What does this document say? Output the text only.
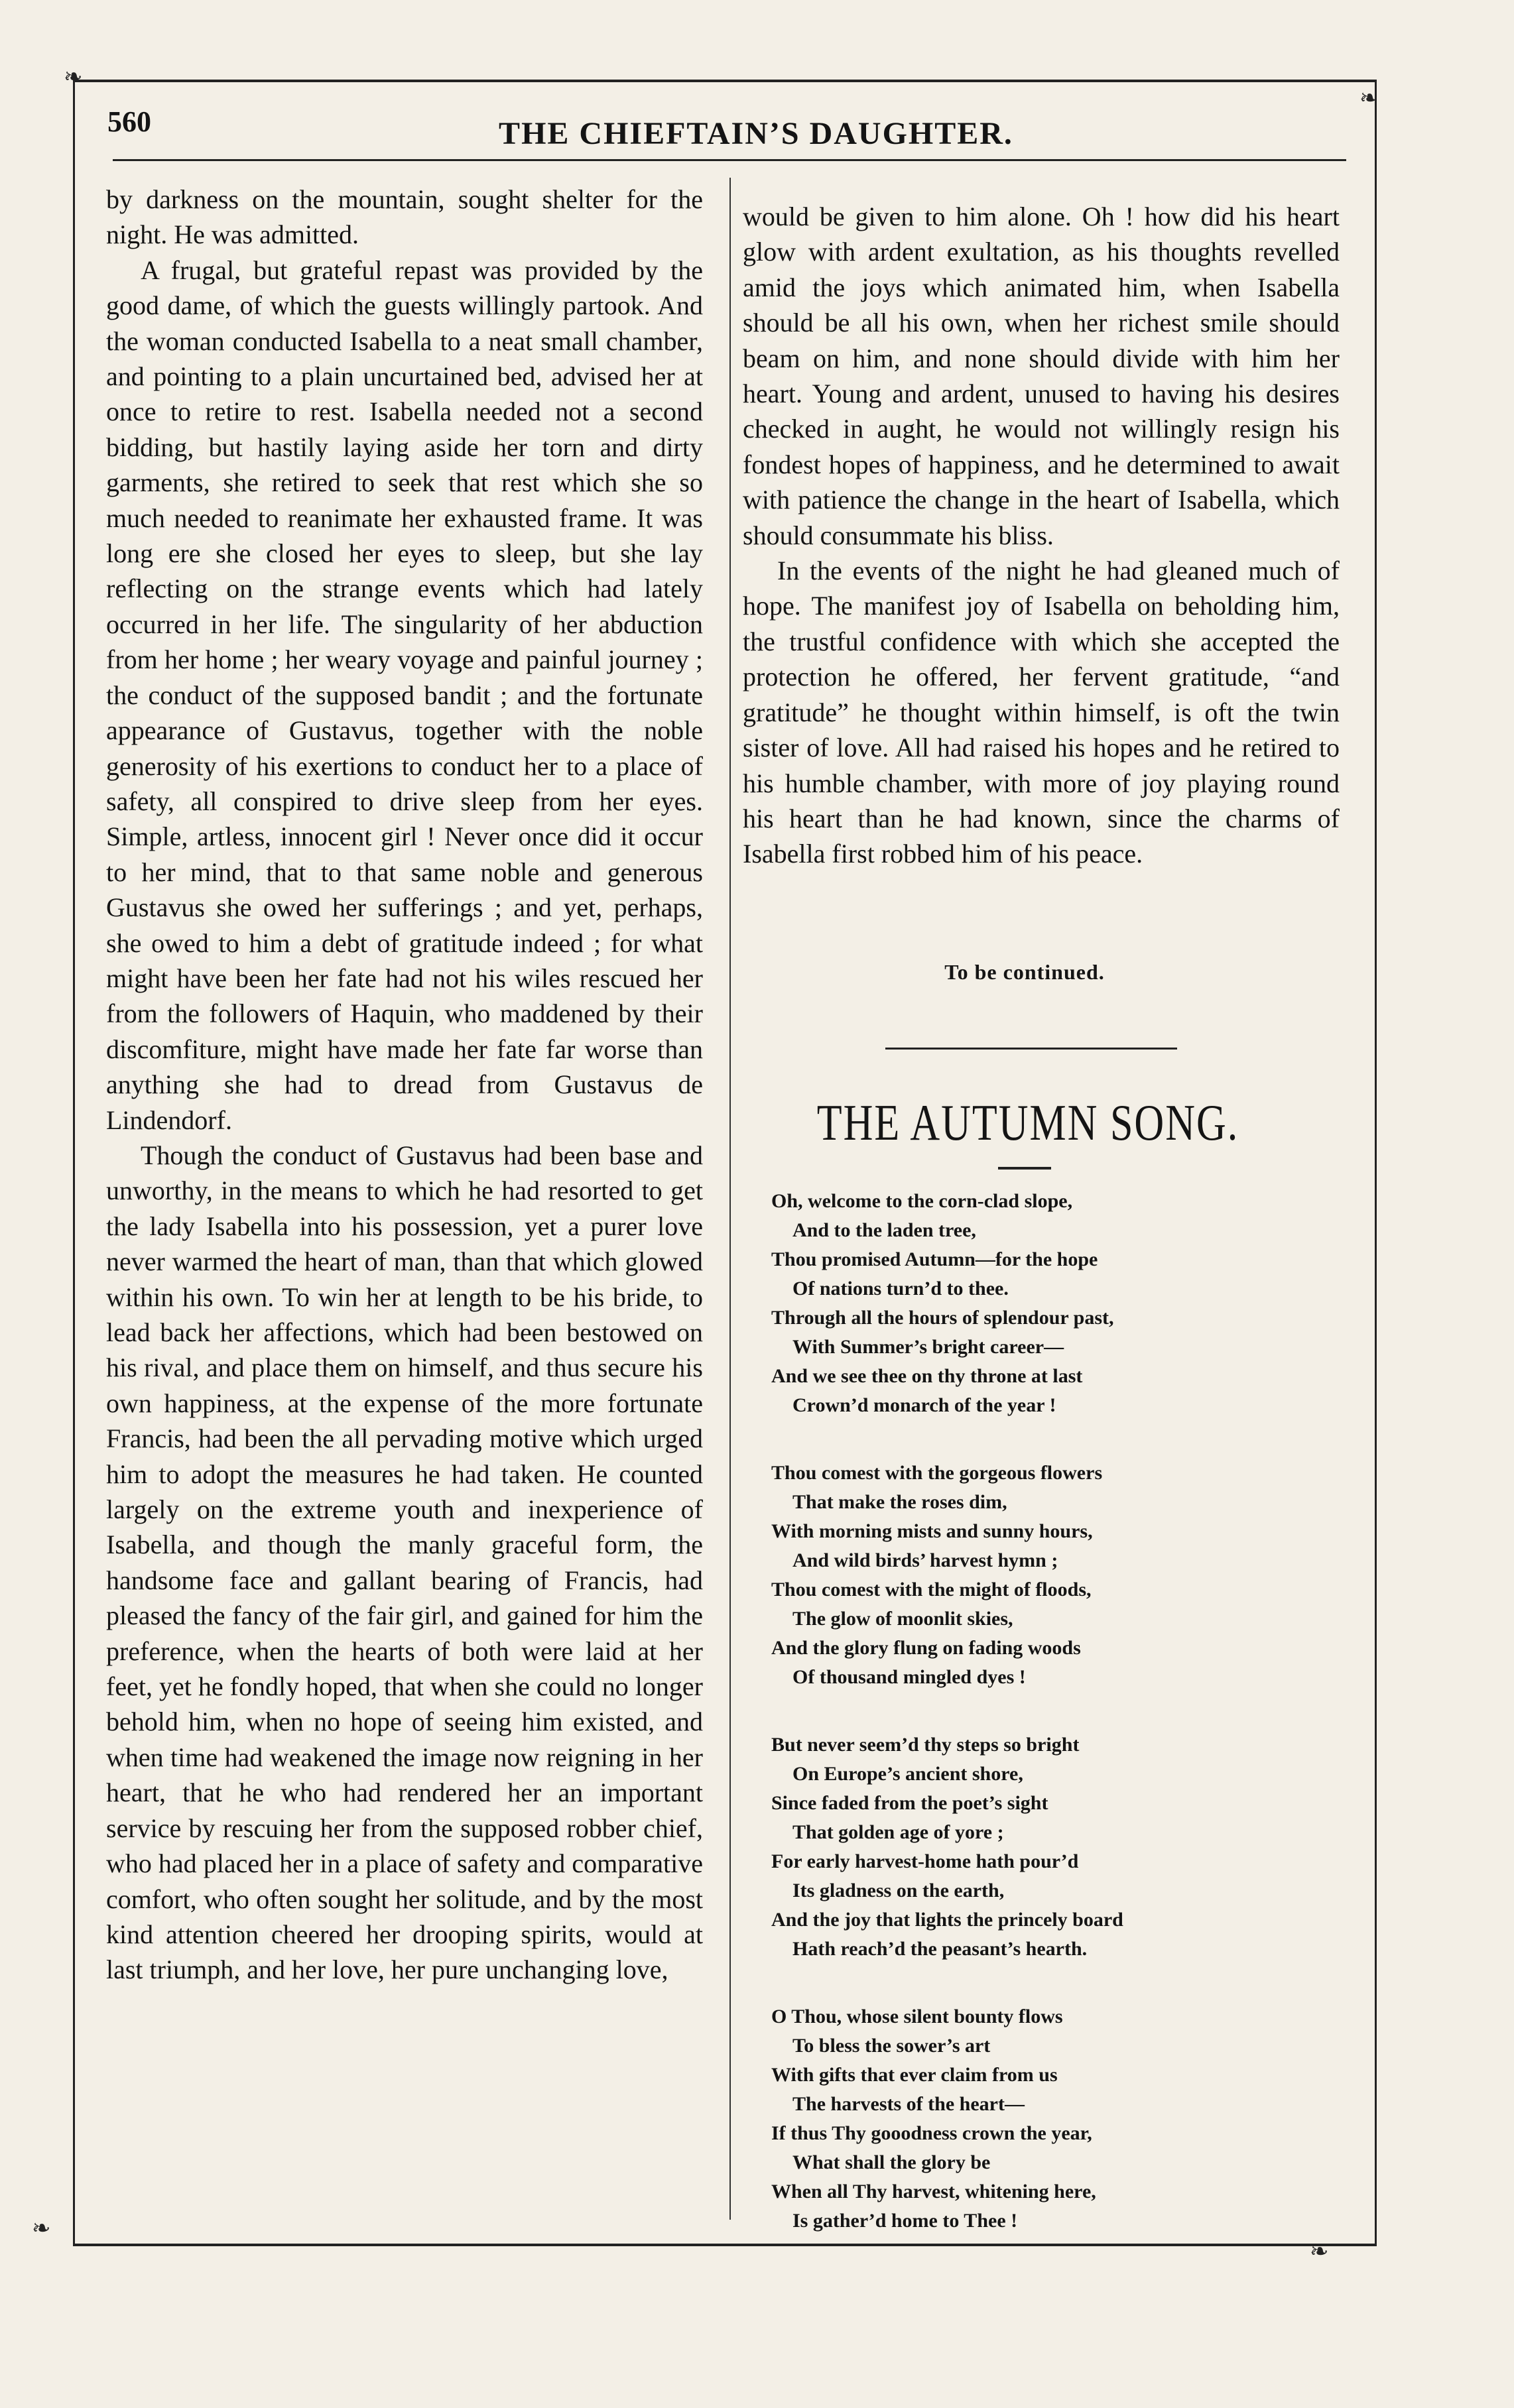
❧
❧
❧
❧
560	THE CHIEFTAIN’S DAUGHTER.

by darkness on the mountain, sought shelter for the night. He was admitted.

A frugal, but grateful repast was provided by the good dame, of which the guests willingly partook. And the woman conducted Isabella to a neat small chamber, and pointing to a plain uncurtained bed, advised her at once to retire to rest. Isabella needed not a second bidding, but hastily laying aside her torn and dirty garments, she retired to seek that rest which she so much needed to reanimate her exhausted frame. It was long ere she closed her eyes to sleep, but she lay reflecting on the strange events which had lately occurred in her life. The singularity of her abduction from her home ; her weary voyage and painful journey ; the conduct of the supposed bandit ; and the fortunate appearance of Gustavus, together with the noble generosity of his exertions to conduct her to a place of safety, all conspired to drive sleep from her eyes. Simple, artless, innocent girl ! Never once did it occur to her mind, that to that same noble and generous Gustavus she owed her sufferings ; and yet, perhaps, she owed to him a debt of gratitude indeed ; for what might have been her fate had not his wiles rescued her from the followers of Haquin, who maddened by their discomfiture, might have made her fate far worse than anything she had to dread from Gustavus de Lindendorf.

Though the conduct of Gustavus had been base and unworthy, in the means to which he had resorted to get the lady Isabella into his possession, yet a purer love never warmed the heart of man, than that which glowed within his own. To win her at length to be his bride, to lead back her affections, which had been bestowed on his rival, and place them on himself, and thus secure his own happiness, at the expense of the more fortunate Francis, had been the all pervading motive which urged him to adopt the measures he had taken. He counted largely on the extreme youth and inexperience of Isabella, and though the manly graceful form, the handsome face and gallant bearing of Francis, had pleased the fancy of the fair girl, and gained for him the preference, when the hearts of both were laid at her feet, yet he fondly hoped, that when she could no longer behold him, when no hope of seeing him existed, and when time had weakened the image now reigning in her heart, that he who had rendered her an important service by rescuing her from the supposed robber chief, who had placed her in a place of safety and comparative comfort, who often sought her solitude, and by the most kind attention cheered her drooping spirits, would at last triumph, and her love, her pure unchanging love,

would be given to him alone. Oh ! how did his heart glow with ardent exultation, as his thoughts revelled amid the joys which animated him, when Isabella should be all his own, when her richest smile should beam on him, and none should divide with him her heart. Young and ardent, unused to having his desires checked in aught, he would not willingly resign his fondest hopes of happiness, and he determined to await with patience the change in the heart of Isabella, which should consummate his bliss.

In the events of the night he had gleaned much of hope. The manifest joy of Isabella on beholding him, the trustful confidence with which she accepted the protection he offered, her fervent gratitude, “and gratitude” he thought within himself, is oft the twin sister of love. All had raised his hopes and he retired to his humble chamber, with more of joy playing round his heart than he had known, since the charms of Isabella first robbed him of his peace.

To be continued.
THE AUTUMN SONG.
Oh, welcome to the corn-clad slope,
And to the laden tree,
Thou promised Autumn—for the hope
Of nations turn’d to thee.
Through all the hours of splendour past,
With Summer’s bright career—
And we see thee on thy throne at last
Crown’d monarch of the year !
Thou comest with the gorgeous flowers
That make the roses dim,
With morning mists and sunny hours,
And wild birds’ harvest hymn ;
Thou comest with the might of floods,
The glow of moonlit skies,
And the glory flung on fading woods
Of thousand mingled dyes !
But never seem’d thy steps so bright
On Europe’s ancient shore,
Since faded from the poet’s sight
That golden age of yore ;
For early harvest-home hath pour’d
Its gladness on the earth,
And the joy that lights the princely board
Hath reach’d the peasant’s hearth.
O Thou, whose silent bounty flows
To bless the sower’s art
With gifts that ever claim from us
The harvests of the heart—
If thus Thy gooodness crown the year,
What shall the glory be
When all Thy harvest, whitening here,
Is gather’d home to Thee !
